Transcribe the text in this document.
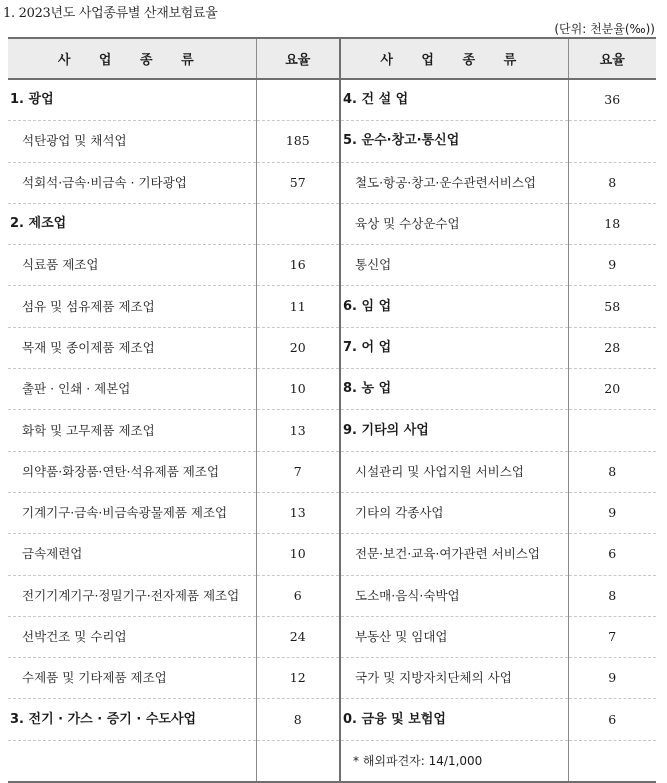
1. 2023년도 사업종류별 산재보험료율
(단위: 천분율(‰))
사 업 종 류	요율	사 업 종 류	요율
1. 광업		4. 건 설 업	36
석탄광업 및 채석업	185	5. 운수·창고·통신업	
석회석·금속·비금속 · 기타광업	57	철도·항공·창고·운수관련서비스업	8
2. 제조업		육상 및 수상운수업	18
식료품 제조업	16	통신업	9
섬유 및 섬유제품 제조업	11	6. 임 업	58
목재 및 종이제품 제조업	20	7. 어 업	28
출판 · 인쇄 · 제본업	10	8. 농 업	20
화학 및 고무제품 제조업	13	9. 기타의 사업	
의약품·화장품·연탄·석유제품 제조업	7	시설관리 및 사업지원 서비스업	8
기계기구·금속·비금속광물제품 제조업	13	기타의 각종사업	9
금속제련업	10	전문·보건·교육·여가관련 서비스업	6
전기기계기구·정밀기구·전자제품 제조업	6	도소매·음식·숙박업	8
선박건조 및 수리업	24	부동산 및 임대업	7
수제품 및 기타제품 제조업	12	국가 및 지방자치단체의 사업	9
3. 전기 · 가스 · 증기 · 수도사업	8	0. 금융 및 보험업	6
		* 해외파견자: 14/1,000	
